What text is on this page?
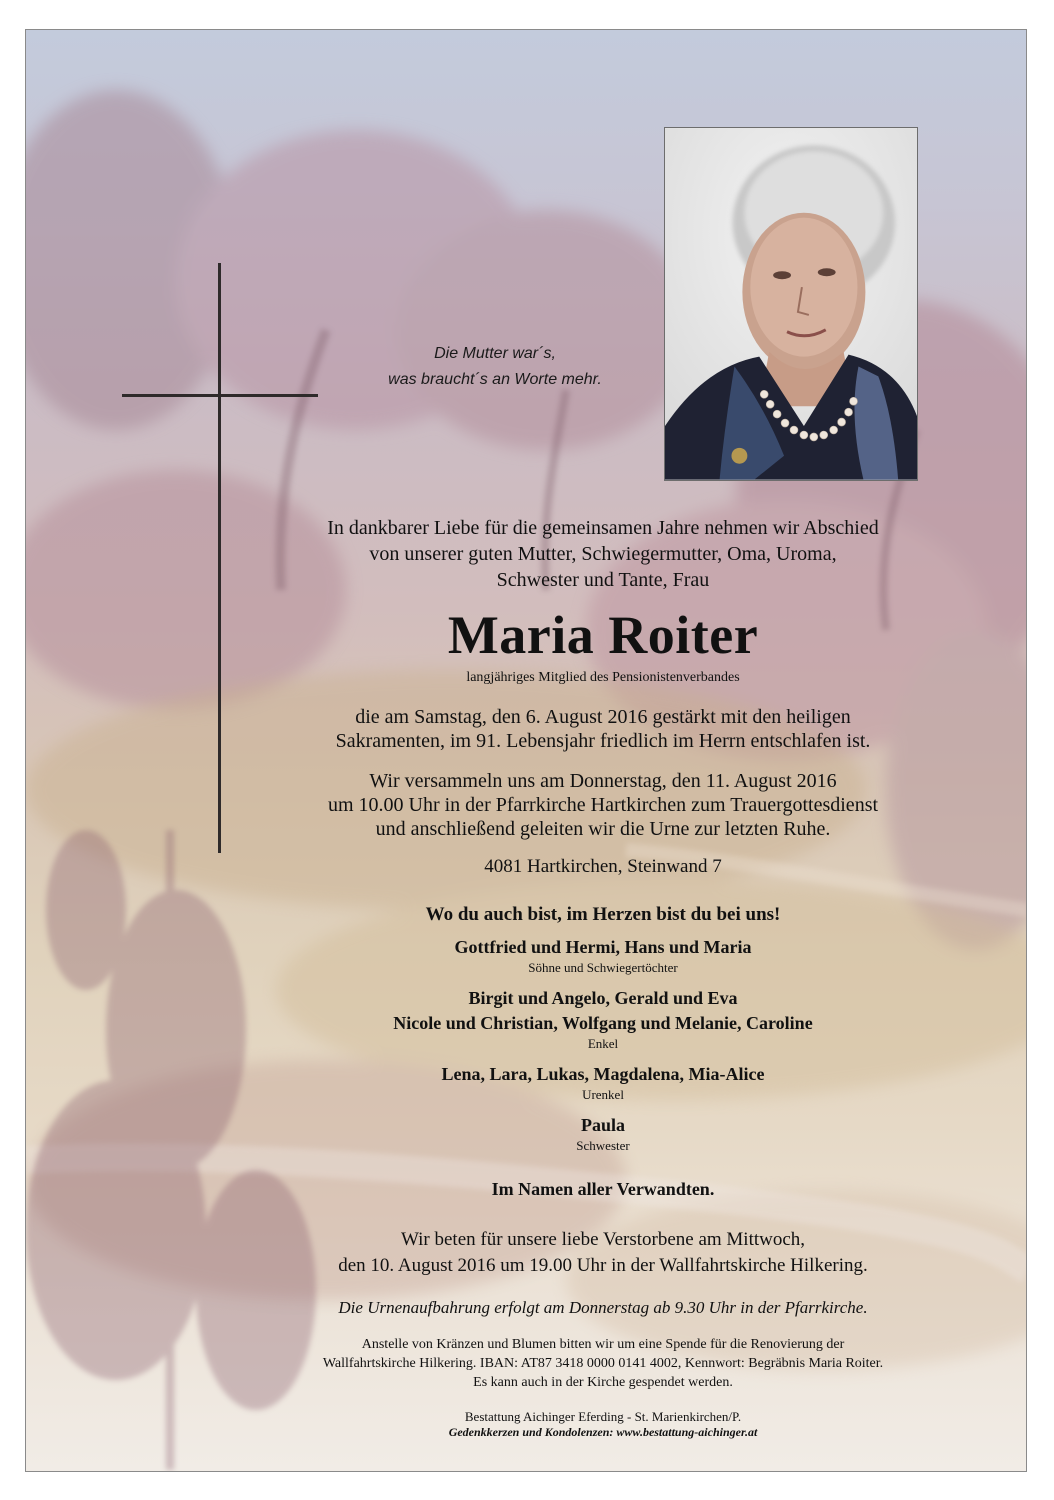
Die Mutter war´s,
was braucht´s an Worte mehr.
In dankbarer Liebe für die gemeinsamen Jahre nehmen wir Abschied
von unserer guten Mutter, Schwiegermutter, Oma, Uroma,
Schwester und Tante, Frau
Maria Roiter
langjähriges Mitglied des Pensionistenverbandes
die am Samstag, den 6. August 2016 gestärkt mit den heiligen
Sakramenten, im 91. Lebensjahr friedlich im Herrn entschlafen ist.
Wir versammeln uns am Donnerstag, den 11. August 2016
um 10.00 Uhr in der Pfarrkirche Hartkirchen zum Trauergottesdienst
und anschließend geleiten wir die Urne zur letzten Ruhe.
4081 Hartkirchen, Steinwand 7
Wo du auch bist, im Herzen bist du bei uns!
Gottfried und Hermi, Hans und Maria
Söhne und Schwiegertöchter
Birgit und Angelo, Gerald und Eva
Nicole und Christian, Wolfgang und Melanie, Caroline
Enkel
Lena, Lara, Lukas, Magdalena, Mia-Alice
Urenkel
Paula
Schwester
Im Namen aller Verwandten.
Wir beten für unsere liebe Verstorbene am Mittwoch,
den 10. August 2016 um 19.00 Uhr in der Wallfahrtskirche Hilkering.
Die Urnenaufbahrung erfolgt am Donnerstag ab 9.30 Uhr in der Pfarrkirche.
Anstelle von Kränzen und Blumen bitten wir um eine Spende für die Renovierung der
Wallfahrtskirche Hilkering. IBAN: AT87 3418 0000 0141 4002, Kennwort: Begräbnis Maria Roiter.
Es kann auch in der Kirche gespendet werden.
Bestattung Aichinger Eferding - St. Marienkirchen/P.
Gedenkkerzen und Kondolenzen: www.bestattung-aichinger.at
